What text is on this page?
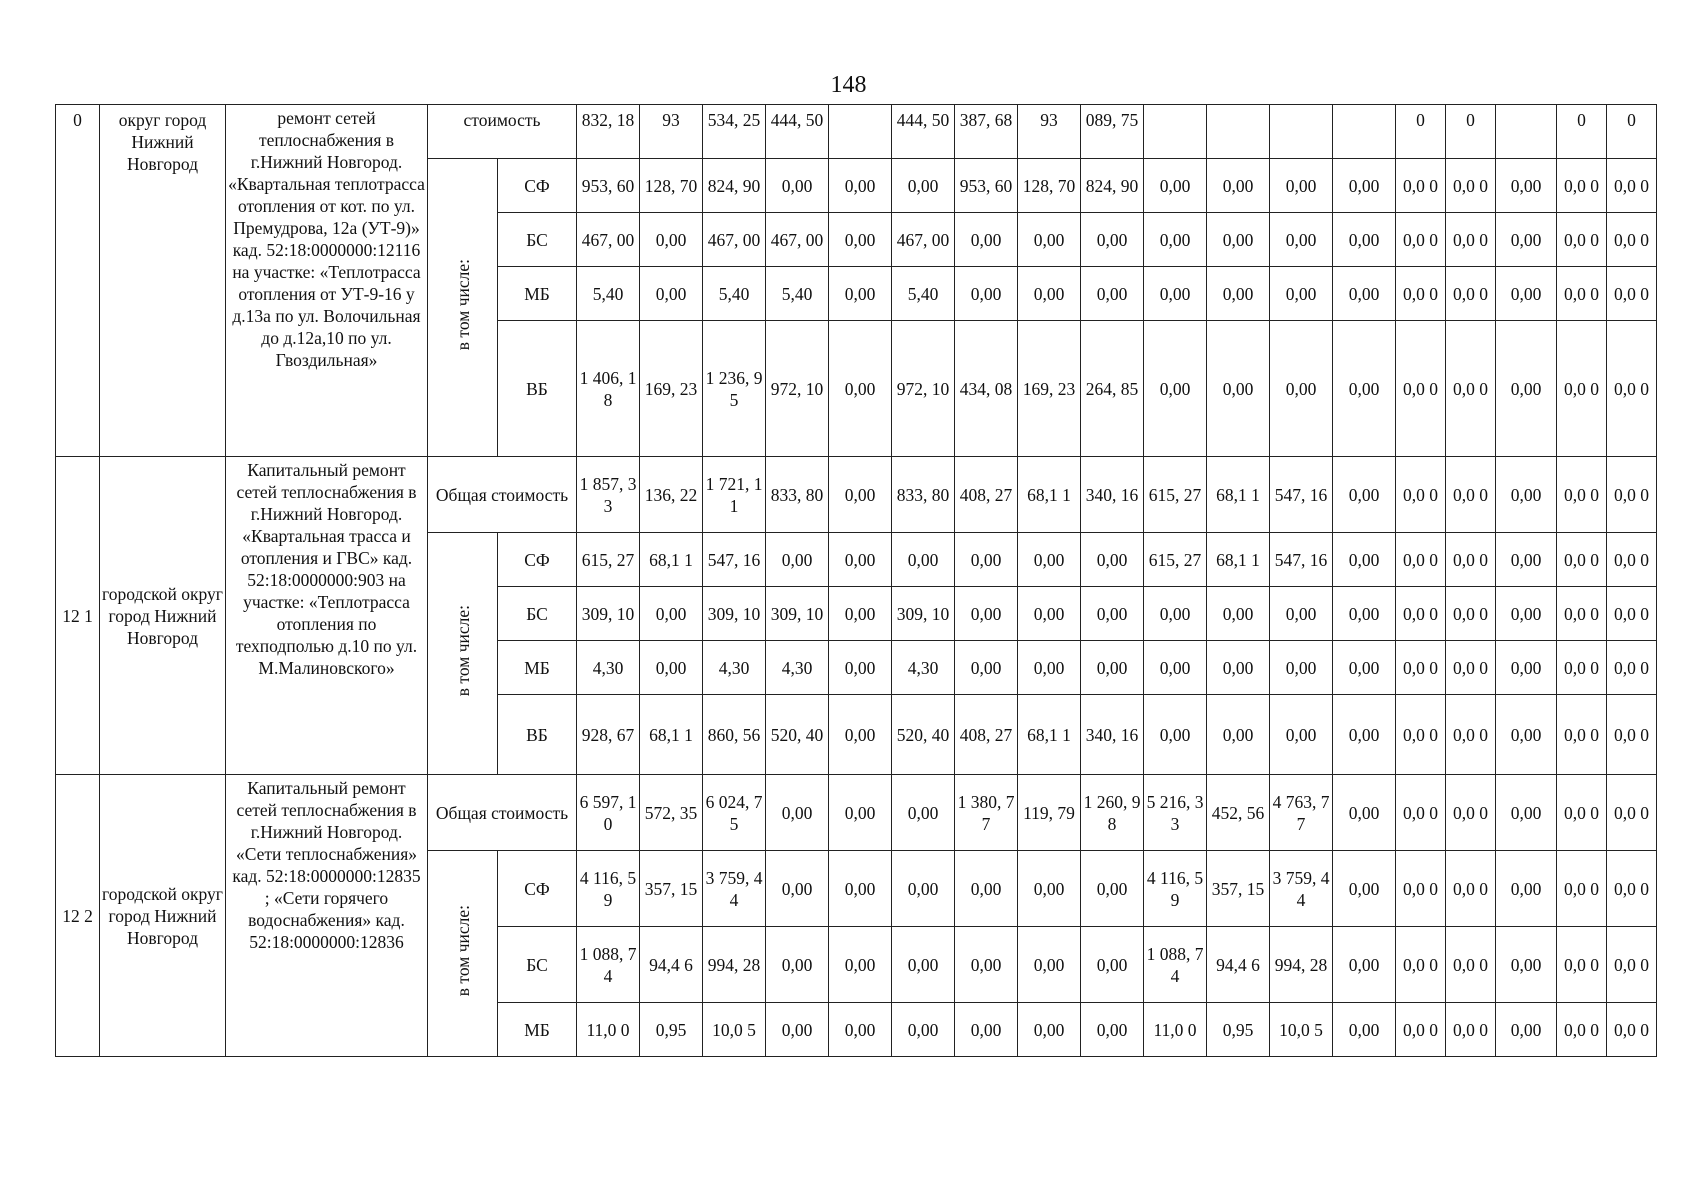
148
0	округ город Нижний Новгород	ремонт сетей теплоснабжения в г.Нижний Новгород. «Квартальная теплотрасса отопления от кот. по ул. Премудрова, 12а (УТ-9)» кад. 52:18:0000000:12116 на участке: «Теплотрасса отопления от УТ-9-16 у д.13а по ул. Волочильная до д.12а,10 по ул. Гвоздильная»	стоимость		832, 18	93	534, 25	444, 50		444, 50	387, 68	93	089, 75					0	0		0	0
			в том числе:	СФ	953, 60	128, 70	824, 90	0,00	0,00	0,00	953, 60	128, 70	824, 90	0,00	0,00	0,00	0,00	0,0 0	0,0 0	0,00	0,0 0	0,0 0
				БС	467, 00	0,00	467, 00	467, 00	0,00	467, 00	0,00	0,00	0,00	0,00	0,00	0,00	0,00	0,0 0	0,0 0	0,00	0,0 0	0,0 0
				МБ	5,40	0,00	5,40	5,40	0,00	5,40	0,00	0,00	0,00	0,00	0,00	0,00	0,00	0,0 0	0,0 0	0,00	0,0 0	0,0 0
				ВБ	1 406, 18	169, 23	1 236, 95	972, 10	0,00	972, 10	434, 08	169, 23	264, 85	0,00	0,00	0,00	0,00	0,0 0	0,0 0	0,00	0,0 0	0,0 0
12 1	городской округ город Нижний Новгород	Капитальный ремонт сетей теплоснабжения в г.Нижний Новгород. «Квартальная трасса и отопления и ГВС» кад. 52:18:0000000:903 на участке: «Теплотрасса отопления по техподполью д.10 по ул. М.Малиновского»	Общая стоимость		1 857, 33	136, 22	1 721, 11	833, 80	0,00	833, 80	408, 27	68,1 1	340, 16	615, 27	68,1 1	547, 16	0,00	0,0 0	0,0 0	0,00	0,0 0	0,0 0
			в том числе:	СФ	615, 27	68,1 1	547, 16	0,00	0,00	0,00	0,00	0,00	0,00	615, 27	68,1 1	547, 16	0,00	0,0 0	0,0 0	0,00	0,0 0	0,0 0
				БС	309, 10	0,00	309, 10	309, 10	0,00	309, 10	0,00	0,00	0,00	0,00	0,00	0,00	0,00	0,0 0	0,0 0	0,00	0,0 0	0,0 0
				МБ	4,30	0,00	4,30	4,30	0,00	4,30	0,00	0,00	0,00	0,00	0,00	0,00	0,00	0,0 0	0,0 0	0,00	0,0 0	0,0 0
				ВБ	928, 67	68,1 1	860, 56	520, 40	0,00	520, 40	408, 27	68,1 1	340, 16	0,00	0,00	0,00	0,00	0,0 0	0,0 0	0,00	0,0 0	0,0 0
12 2	городской округ город Нижний Новгород	Капитальный ремонт сетей теплоснабжения в г.Нижний Новгород. «Сети теплоснабжения» кад. 52:18:0000000:12835 ; «Сети горячего водоснабжения» кад. 52:18:0000000:12836	Общая стоимость		6 597, 10	572, 35	6 024, 75	0,00	0,00	0,00	1 380, 77	119, 79	1 260, 98	5 216, 33	452, 56	4 763, 77	0,00	0,0 0	0,0 0	0,00	0,0 0	0,0 0
			в том числе:	СФ	4 116, 59	357, 15	3 759, 44	0,00	0,00	0,00	0,00	0,00	0,00	4 116, 59	357, 15	3 759, 44	0,00	0,0 0	0,0 0	0,00	0,0 0	0,0 0
				БС	1 088, 74	94,4 6	994, 28	0,00	0,00	0,00	0,00	0,00	0,00	1 088, 74	94,4 6	994, 28	0,00	0,0 0	0,0 0	0,00	0,0 0	0,0 0
				МБ	11,0 0	0,95	10,0 5	0,00	0,00	0,00	0,00	0,00	0,00	11,0 0	0,95	10,0 5	0,00	0,0 0	0,0 0	0,00	0,0 0	0,0 0
